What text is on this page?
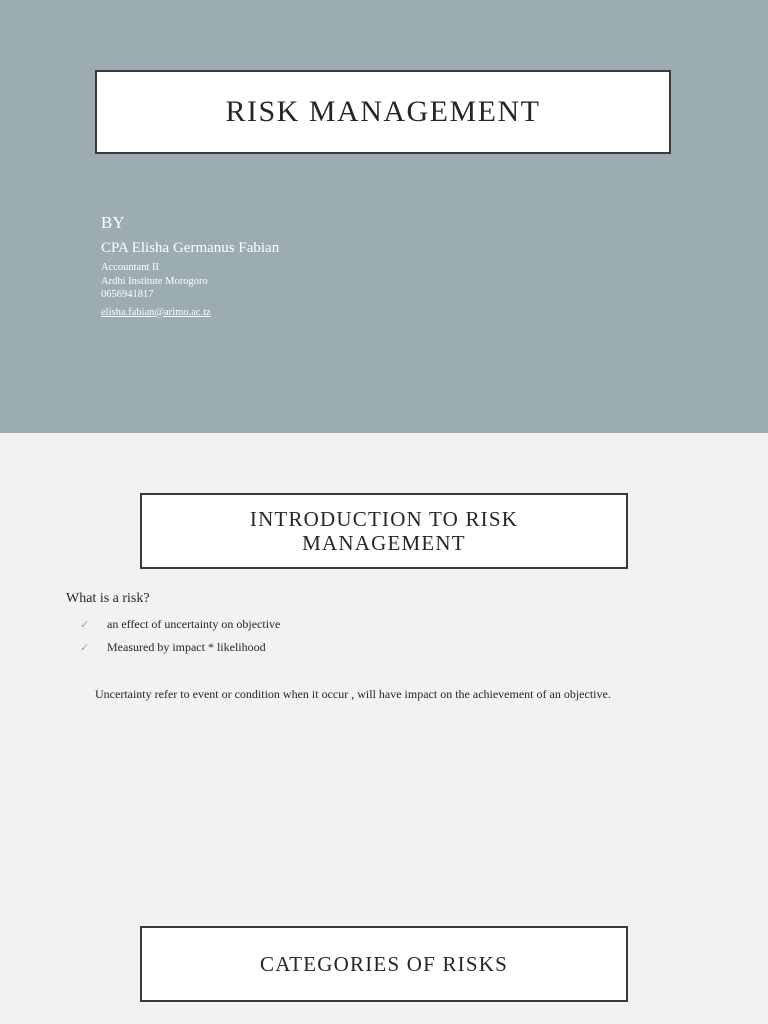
RISK MANAGEMENT
BY
CPA Elisha Germanus Fabian
Accountant II
Ardhi Institute Morogoro
0656941817
elisha.fabian@arimo.ac.tz
INTRODUCTION TO RISK
MANAGEMENT
What is a risk?
✓	an effect of uncertainty on objective
✓	Measured by impact * likelihood
Uncertainty refer to event or condition when it occur , will have impact on the achievement of an objective.
CATEGORIES OF RISKS
